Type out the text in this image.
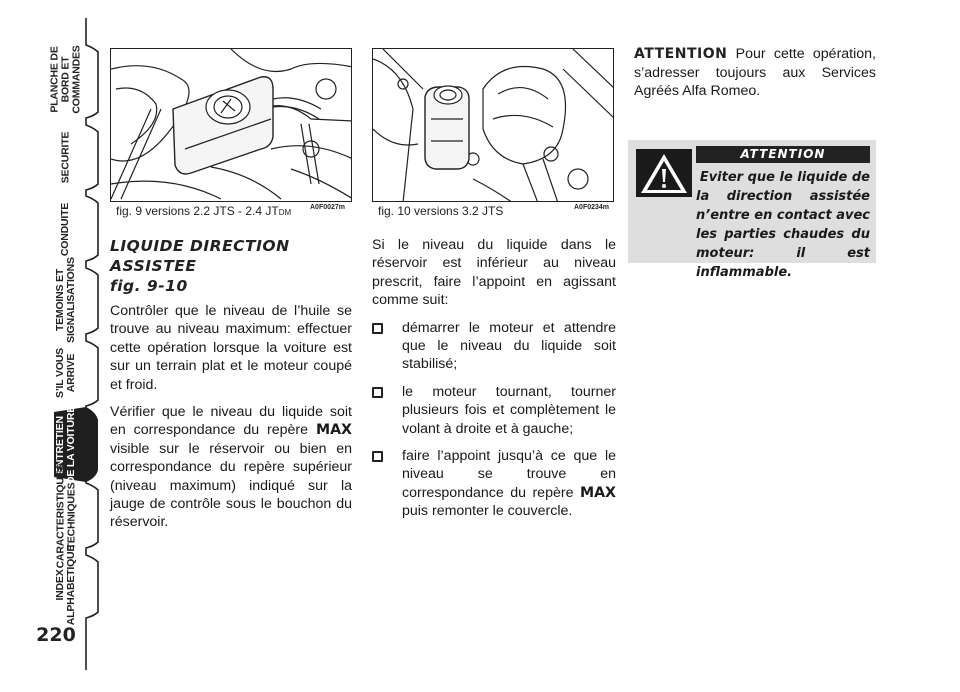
PLANCHE DE
BORD ET
COMMANDES
SECURITE
CONDUITE
TEMOINS ET
SIGNALISATIONS
S’IL VOUS
ARRIVE
ENTRETIEN
DE LA VOITURE
CARACTERISTIQUES
TECHNIQUES
INDEX
ALPHABETIQUE
220
A0F0027m
fig. 9 versions 2.2 JTS - 2.4 JTDM
A0F0234m
fig. 10 versions 3.2 JTS
LIQUIDE DIRECTION
ASSISTEE
fig. 9-10

Contrôler que le niveau de l’huile se trouve au niveau maximum: effectuer cette opération lorsque la voiture est sur un terrain plat et le moteur coupé et froid.

Vérifier que le niveau du liquide soit en correspondance du repère MAX visible sur le réservoir ou bien en correspondance du repère supérieur (niveau maximum) indiqué sur la jauge de contrôle sous le bouchon du réservoir.

Si le niveau du liquide dans le réservoir est inférieur au niveau prescrit, faire l’appoint en agissant comme suit:

démarrer le moteur et attendre que le niveau du liquide soit stabilisé;
le moteur tournant, tourner plusieurs fois et complètement le volant à droite et à gauche;
faire l’appoint jusqu’à ce que le niveau se trouve en correspondance du repère MAX puis remonter le couvercle.

ATTENTION Pour cette opération, s’adresser toujours aux Services Agréés Alfa Romeo.

ATTENTION
Eviter que le liquide de
la direction assistée n’entre en contact avec les parties chaudes du moteur: il est inflammable.
